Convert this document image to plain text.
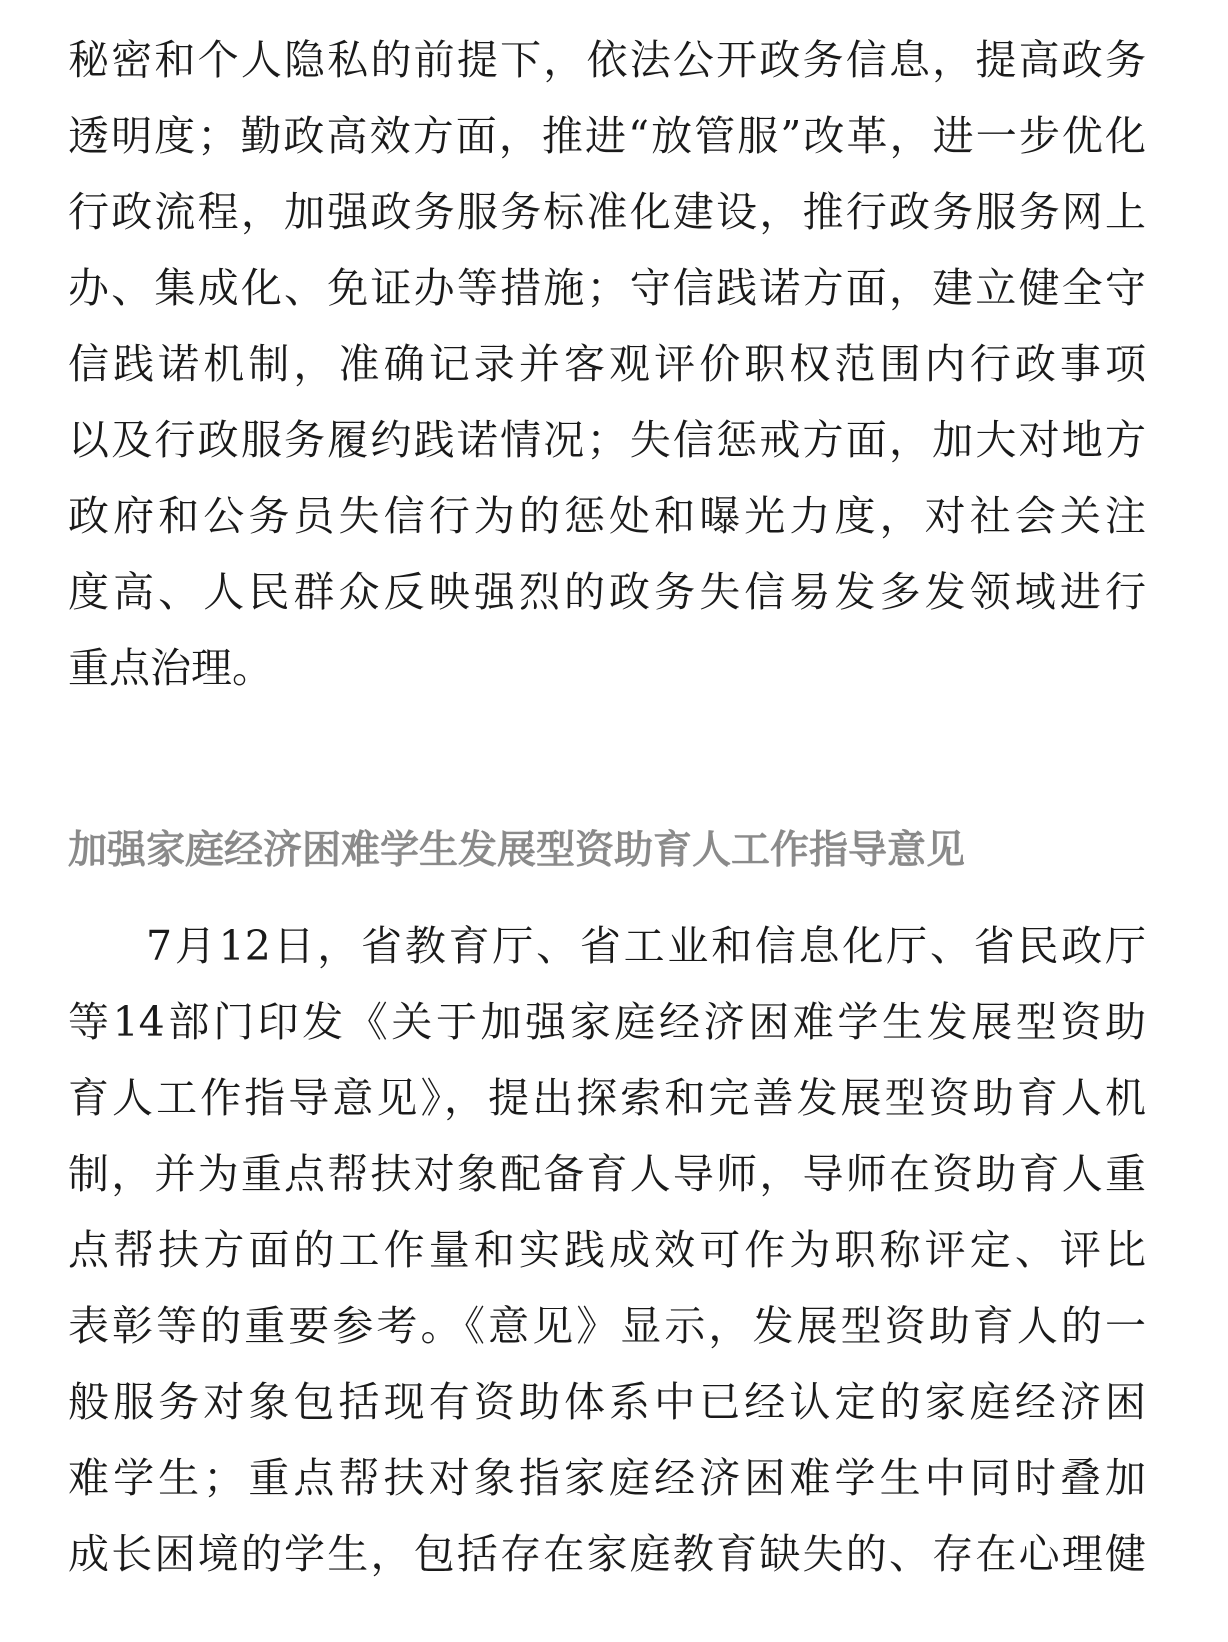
秘密和个人隐私的前提下，依法公开政务信息，提高政务
透明度；勤政高效方面，推进“放管服”改革，进一步优化
行政流程，加强政务服务标准化建设，推行政务服务网上
办、集成化、免证办等措施；守信践诺方面，建立健全守
信践诺机制，准确记录并客观评价职权范围内行政事项
以及行政服务履约践诺情况；失信惩戒方面，加大对地方
政府和公务员失信行为的惩处和曝光力度，对社会关注
度高、人民群众反映强烈的政务失信易发多发领域进行
重点治理。
加强家庭经济困难学生发展型资助育人工作指导意见
7月12日，省教育厅、省工业和信息化厅、省民政厅
等14部门印发《关于加强家庭经济困难学生发展型资助
育人工作指导意见》，提出探索和完善发展型资助育人机
制，并为重点帮扶对象配备育人导师，导师在资助育人重
点帮扶方面的工作量和实践成效可作为职称评定、评比
表彰等的重要参考。《意见》显示，发展型资助育人的一
般服务对象包括现有资助体系中已经认定的家庭经济困
难学生；重点帮扶对象指家庭经济困难学生中同时叠加
成长困境的学生，包括存在家庭教育缺失的、存在心理健
